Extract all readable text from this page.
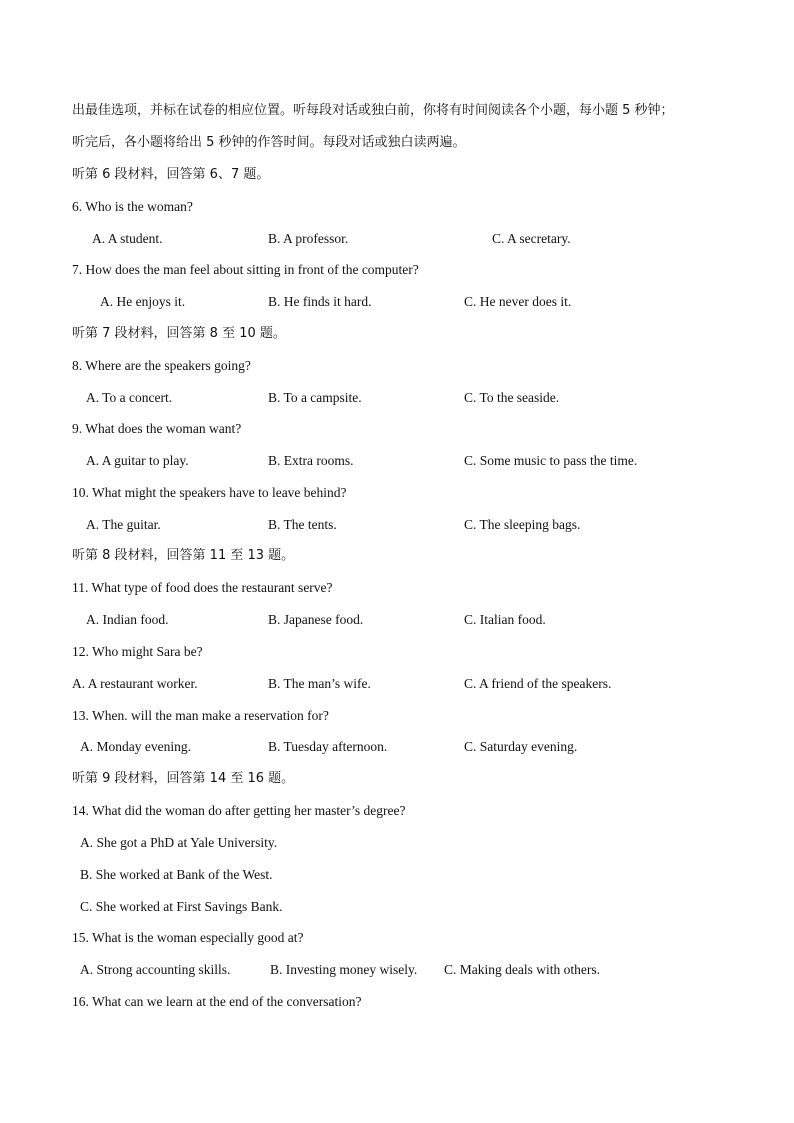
出最佳选项，并标在试卷的相应位置。听每段对话或独白前，你将有时间阅读各个小题，每小题 5 秒钟；
听完后，各小题将给出 5 秒钟的作答时间。每段对话或独白读两遍。
听第 6 段材料，回答第 6、7 题。
6. Who is the woman?
A. A student.	B. A professor.	C. A secretary.
7. How does the man feel about sitting in front of the computer?
A. He enjoys it.	B. He finds it hard.	C. He never does it.
听第 7 段材料，回答第 8 至 10 题。
8. Where are the speakers going?
A. To a concert.	B. To a campsite.	C. To the seaside.
9. What does the woman want?
A. A guitar to play.	B. Extra rooms.	C. Some music to pass the time.
10. What might the speakers have to leave behind?
A. The guitar.	B. The tents.	C. The sleeping bags.
听第 8 段材料，回答第 11 至 13 题。
11. What type of food does the restaurant serve?
A. Indian food.	B. Japanese food.	C. Italian food.
12. Who might Sara be?
A. A restaurant worker.	B. The man’s wife.	C. A friend of the speakers.
13. When. will the man make a reservation for?
A. Monday evening.	B. Tuesday afternoon.	C. Saturday evening.
听第 9 段材料，回答第 14 至 16 题。
14. What did the woman do after getting her master’s degree?
A. She got a PhD at Yale University.
B. She worked at Bank of the West.
C. She worked at First Savings Bank.
15. What is the woman especially good at?
A. Strong accounting skills.	B. Investing money wisely. C. Making deals with others.
16. What can we learn at the end of the conversation?
